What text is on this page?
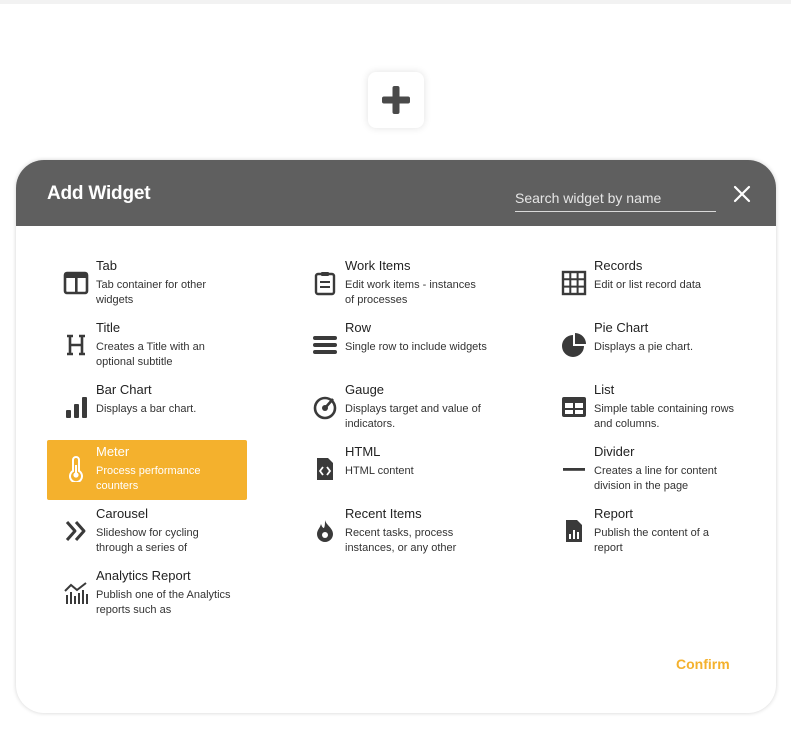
Add Widget
Search widget by name
Tab
Tab container for other widgets
Title
Creates a Title with an optional subtitle
Bar Chart
Displays a bar chart.
Meter
Process performance counters
Carousel
Slideshow for cycling through a series of
Analytics Report
Publish one of the Analytics reports such as
Work Items
Edit work items - instances of processes
Row
Single row to include widgets
Gauge
Displays target and value of indicators.
HTML
HTML content
Recent Items
Recent tasks, process instances, or any other
Records
Edit or list record data
Pie Chart
Displays a pie chart.
List
Simple table containing rows and columns.
Divider
Creates a line for content division in the page
Report
Publish the content of a report
Confirm
